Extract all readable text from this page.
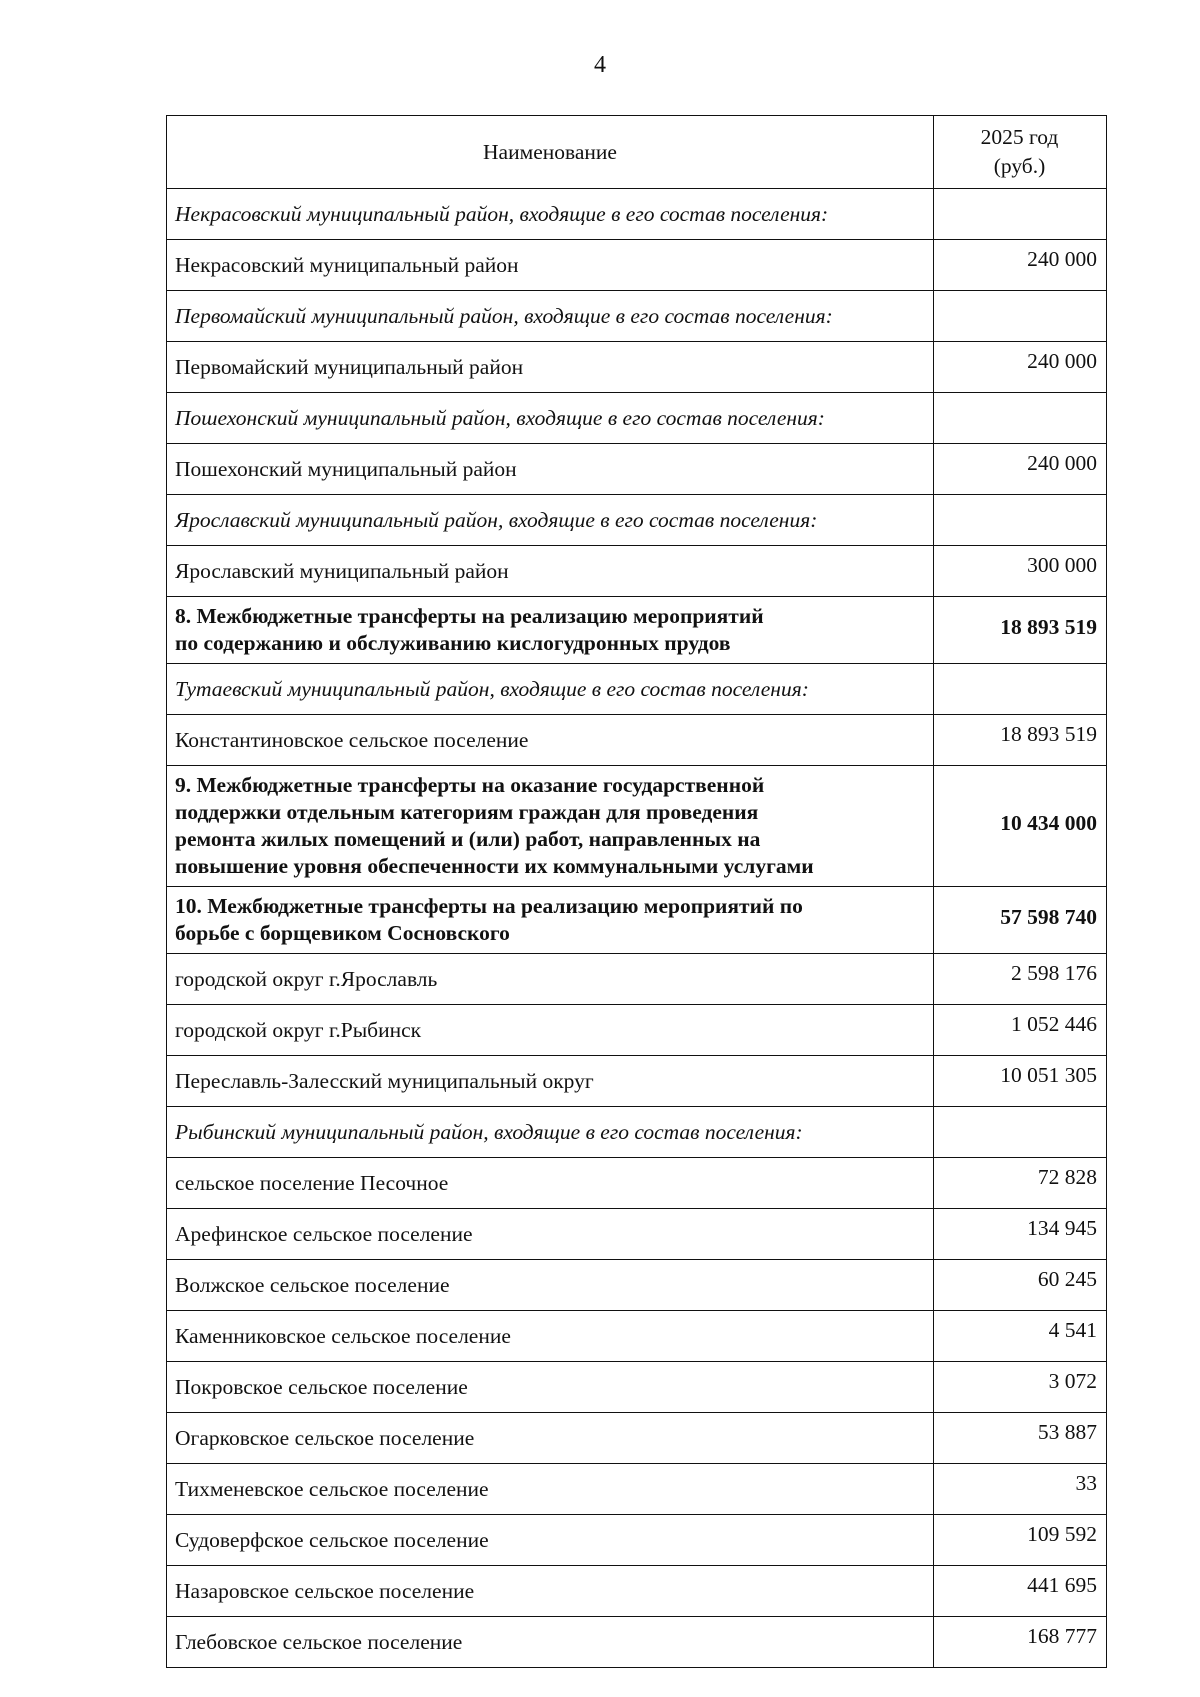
4
Наименование	2025 год
(руб.)

Некрасовский муниципальный район, входящие в его состав поселения:	
Некрасовский муниципальный район	240 000
Первомайский муниципальный район, входящие в его состав поселения:	
Первомайский муниципальный район	240 000
Пошехонский муниципальный район, входящие в его состав поселения:	
Пошехонский муниципальный район	240 000
Ярославский муниципальный район, входящие в его состав поселения:	
Ярославский муниципальный район	300 000

8. Межбюджетные трансферты на реализацию мероприятий
по содержанию и обслуживанию кислогудронных прудов	18 893 519
Тутаевский муниципальный район, входящие в его состав поселения:	
Константиновское сельское поселение	18 893 519

9. Межбюджетные трансферты на оказание государственной
поддержки отдельным категориям граждан для проведения
ремонта жилых помещений и (или) работ, направленных на
повышение уровня обеспеченности их коммунальными услугами	10 434 000

10. Межбюджетные трансферты на реализацию мероприятий по
борьбе с борщевиком Сосновского	57 598 740
городской округ г.Ярославль	2 598 176
городской округ г.Рыбинск	1 052 446
Переславль-Залесский муниципальный округ	10 051 305
Рыбинский муниципальный район, входящие в его состав поселения:	
сельское поселение Песочное	72 828
Арефинское сельское поселение	134 945
Волжское сельское поселение	60 245
Каменниковское сельское поселение	4 541
Покровское сельское поселение	3 072
Огарковское сельское поселение	53 887
Тихменевское сельское поселение	33
Судоверфское сельское поселение	109 592
Назаровское сельское поселение	441 695
Глебовское сельское поселение	168 777
